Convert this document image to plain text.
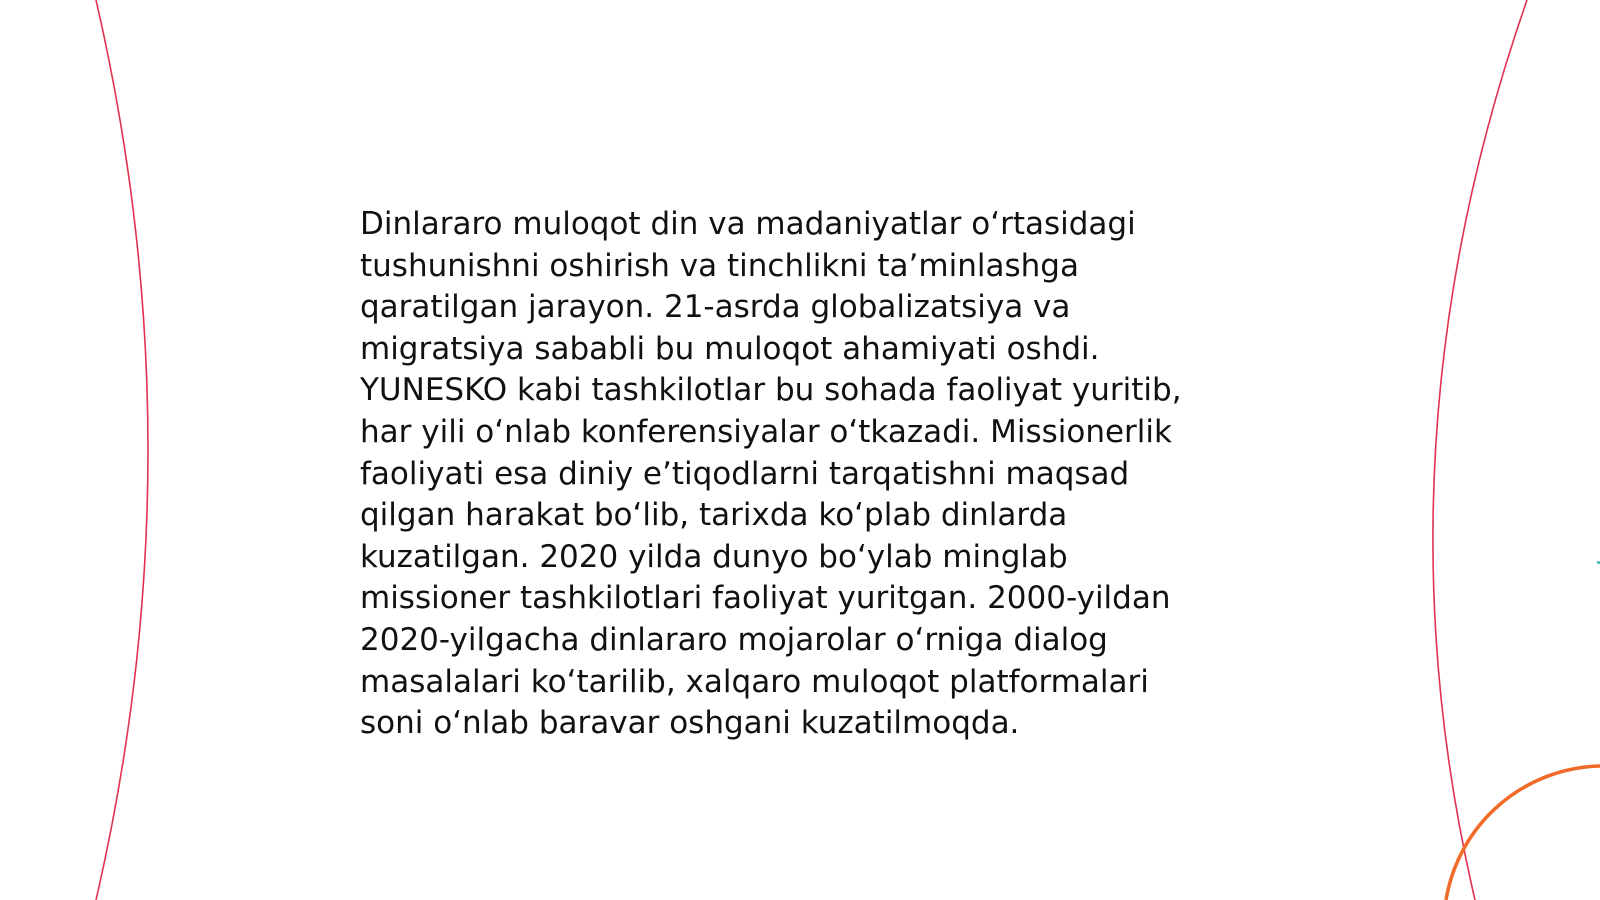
Dinlararo muloqot din va madaniyatlar oʻrtasidagi
tushunishni oshirish va tinchlikni taʼminlashga
qaratilgan jarayon. 21-asrda globalizatsiya va
migratsiya sababli bu muloqot ahamiyati oshdi.
YUNESKO kabi tashkilotlar bu sohada faoliyat yuritib,
har yili oʻnlab konferensiyalar oʻtkazadi. Missionerlik
faoliyati esa diniy eʼtiqodlarni tarqatishni maqsad
qilgan harakat boʻlib, tarixda koʻplab dinlarda
kuzatilgan. 2020 yilda dunyo boʻylab minglab
missioner tashkilotlari faoliyat yuritgan. 2000-yildan
2020-yilgacha dinlararo mojarolar oʻrniga dialog
masalalari koʻtarilib, xalqaro muloqot platformalari
soni oʻnlab baravar oshgani kuzatilmoqda.
